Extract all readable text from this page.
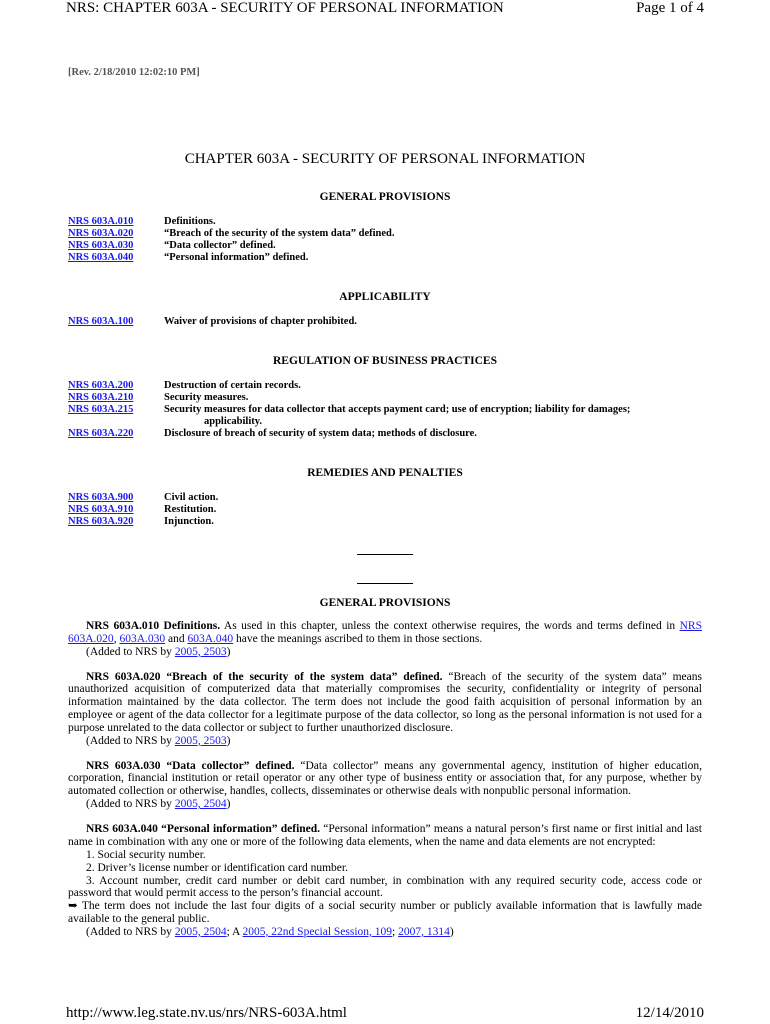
NRS: CHAPTER 603A - SECURITY OF PERSONAL INFORMATION	Page 1 of 4

[Rev. 2/18/2010 12:02:10 PM]

CHAPTER 603A - SECURITY OF PERSONAL INFORMATION
GENERAL PROVISIONS
NRS 603A.010	Definitions.
NRS 603A.020	“Breach of the security of the system data” defined.
NRS 603A.030	“Data collector” defined.
NRS 603A.040	“Personal information” defined.
APPLICABILITY
NRS 603A.100	Waiver of provisions of chapter prohibited.
REGULATION OF BUSINESS PRACTICES
NRS 603A.200	Destruction of certain records.
NRS 603A.210	Security measures.
NRS 603A.215	Security measures for data collector that accepts payment card; use of encryption; liability for damages;
applicability.
NRS 603A.220	Disclosure of breach of security of system data; methods of disclosure.
REMEDIES AND PENALTIES
NRS 603A.900	Civil action.
NRS 603A.910	Restitution.
NRS 603A.920	Injunction.
GENERAL PROVISIONS

NRS 603A.010 Definitions. As used in this chapter, unless the context otherwise requires, the words and terms defined in NRS 603A.020, 603A.030 and 603A.040 have the meanings ascribed to them in those sections.

(Added to NRS by 2005, 2503)

NRS 603A.020 “Breach of the security of the system data” defined. “Breach of the security of the system data” means unauthorized acquisition of computerized data that materially compromises the security, confidentiality or integrity of personal information maintained by the data collector. The term does not include the good faith acquisition of personal information by an employee or agent of the data collector for a legitimate purpose of the data collector, so long as the personal information is not used for a purpose unrelated to the data collector or subject to further unauthorized disclosure.

(Added to NRS by 2005, 2503)

NRS 603A.030 “Data collector” defined. “Data collector” means any governmental agency, institution of higher education, corporation, financial institution or retail operator or any other type of business entity or association that, for any purpose, whether by automated collection or otherwise, handles, collects, disseminates or otherwise deals with nonpublic personal information.

(Added to NRS by 2005, 2504)

NRS 603A.040 “Personal information” defined. “Personal information” means a natural person’s first name or first initial and last name in combination with any one or more of the following data elements, when the name and data elements are not encrypted:

1. Social security number.

2. Driver’s license number or identification card number.

3. Account number, credit card number or debit card number, in combination with any required security code, access code or password that would permit access to the person’s financial account.

➥ The term does not include the last four digits of a social security number or publicly available information that is lawfully made available to the general public.

(Added to NRS by 2005, 2504; A 2005, 22nd Special Session, 109; 2007, 1314)

http://www.leg.state.nv.us/nrs/NRS-603A.html	12/14/2010
